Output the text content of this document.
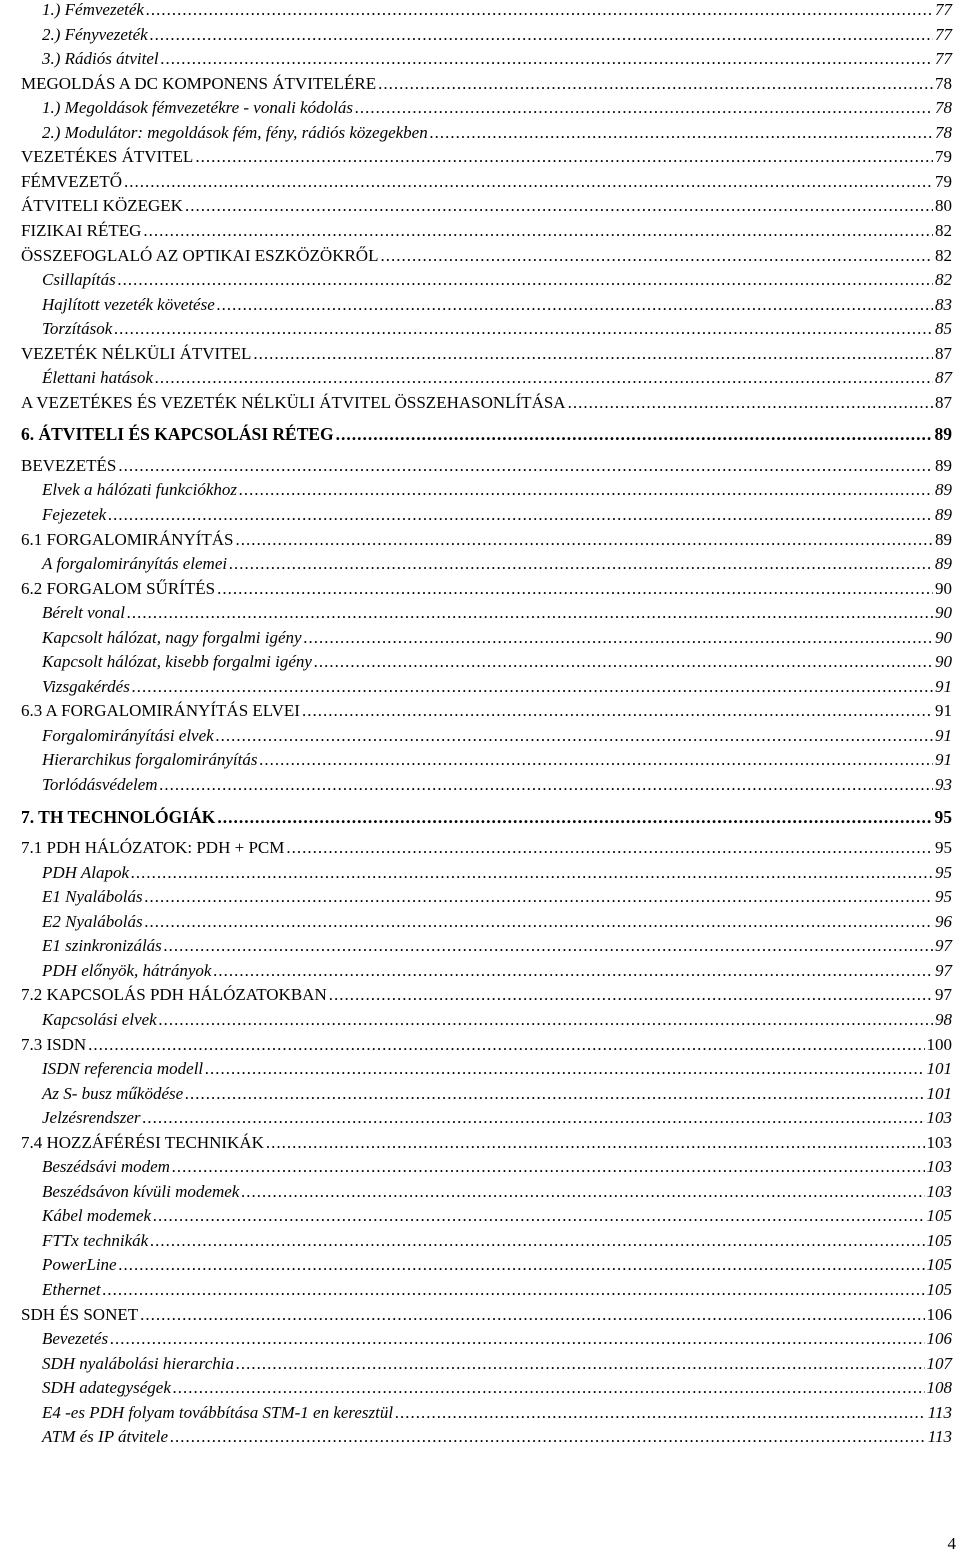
1.) Fémvezeték .....	77
2.) Fényvezeték .....	77
3.) Rádiós átvitel .....	77
MEGOLDÁS A DC KOMPONENS ÁTVITELÉRE .....	78
1.) Megoldások fémvezetékre - vonali kódolás .....	78
2.) Modulátor: megoldások fém, fény, rádiós közegekben .....	78
VEZETÉKES ÁTVITEL .....	79
FÉMVEZETŐ .....	79
ÁTVITELI KÖZEGEK .....	80
FIZIKAI RÉTEG .....	82
ÖSSZEFOGLALÓ AZ OPTIKAI ESZKÖZÖKRŐL .....	82
Csillapítás .....	82
Hajlított vezeték követése .....	83
Torzítások .....	85
VEZETÉK NÉLKÜLI ÁTVITEL .....	87
Élettani hatások .....	87
A VEZETÉKES ÉS VEZETÉK NÉLKÜLI ÁTVITEL ÖSSZEHASONLÍTÁSA .....	87
6. ÁTVITELI ÉS KAPCSOLÁSI RÉTEG .....	89
BEVEZETÉS .....	89
Elvek a hálózati funkciókhoz .....	89
Fejezetek .....	89
6.1 FORGALOMIRÁNYÍTÁS .....	89
A forgalomirányítás elemei .....	89
6.2 FORGALOM SŰRÍTÉS .....	90
Bérelt vonal .....	90
Kapcsolt hálózat, nagy forgalmi igény .....	90
Kapcsolt hálózat, kisebb forgalmi igény .....	90
Vizsgakérdés .....	91
6.3 A FORGALOMIRÁNYÍTÁS ELVEI .....	91
Forgalomirányítási elvek .....	91
Hierarchikus forgalomirányítás .....	91
Torlódásvédelem .....	93
7. TH TECHNOLÓGIÁK .....	95
7.1 PDH HÁLÓZATOK: PDH + PCM .....	95
PDH Alapok .....	95
E1 Nyalábolás .....	95
E2 Nyalábolás .....	96
E1 szinkronizálás .....	97
PDH előnyök, hátrányok .....	97
7.2 KAPCSOLÁS PDH HÁLÓZATOKBAN .....	97
Kapcsolási elvek .....	98
7.3 ISDN .....	100
ISDN referencia modell .....	101
Az S- busz működése .....	101
Jelzésrendszer .....	103
7.4 HOZZÁFÉRÉSI TECHNIKÁK .....	103
Beszédsávi modem .....	103
Beszédsávon kívüli modemek .....	103
Kábel modemek .....	105
FTTx technikák .....	105
PowerLine .....	105
Ethernet .....	105
SDH ÉS SONET .....	106
Bevezetés .....	106
SDH nyalábolási hierarchia .....	107
SDH adategységek .....	108
E4 -es PDH folyam továbbítása STM-1 en keresztül .....	113
ATM és IP átvitele .....	113
4
